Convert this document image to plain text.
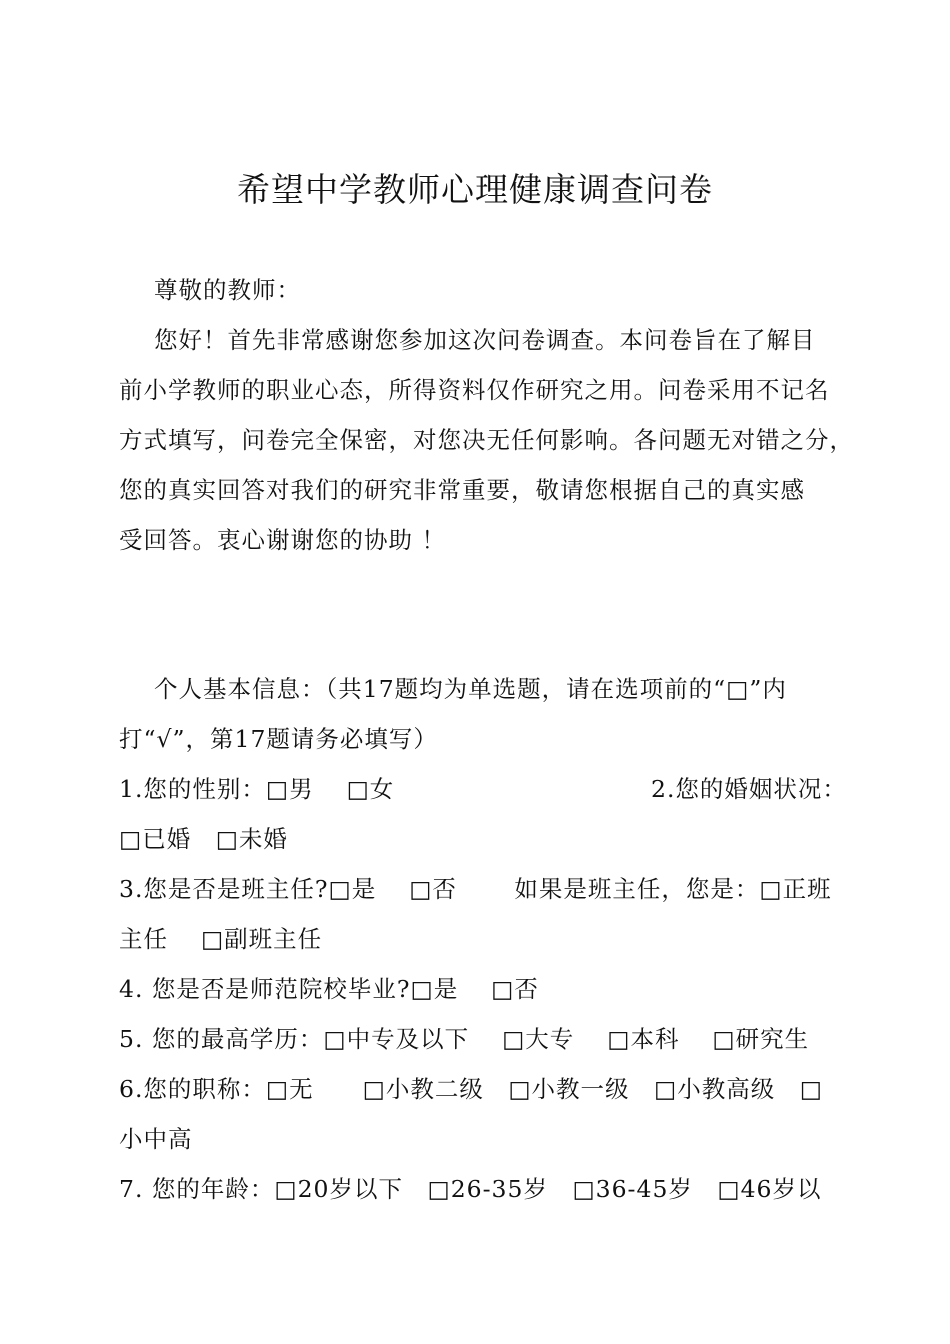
希望中学教师心理健康调查问卷
尊敬的教师：
您好！首先非常感谢您参加这次问卷调查。本问卷旨在了解目
前小学教师的职业心态，所得资料仅作研究之用。问卷采用不记名
方式填写，问卷完全保密，对您决无任何影响。各问题无对错之分，
您的真实回答对我们的研究非常重要，敬请您根据自己的真实感
受回答。衷心谢谢您的协助 ！
个人基本信息：（共17题均为单选题，请在选项前的“□”内
打“√”，第17题请务必填写）
1.您的性别：□男　 □女	2.您的婚姻状况：
□已婚　□未婚
3.您是否是班主任?□是　 □否　　 如果是班主任，您是：□正班
主任　 □副班主任
4. 您是否是师范院校毕业?□是　 □否
5. 您的最高学历：□中专及以下　 □大专　 □本科　 □研究生
6.您的职称：□无　　□小教二级　□小教一级　□小教高级　□
小中高
7. 您的年龄：□20岁以下　□26-35岁　□36-45岁　□46岁以
